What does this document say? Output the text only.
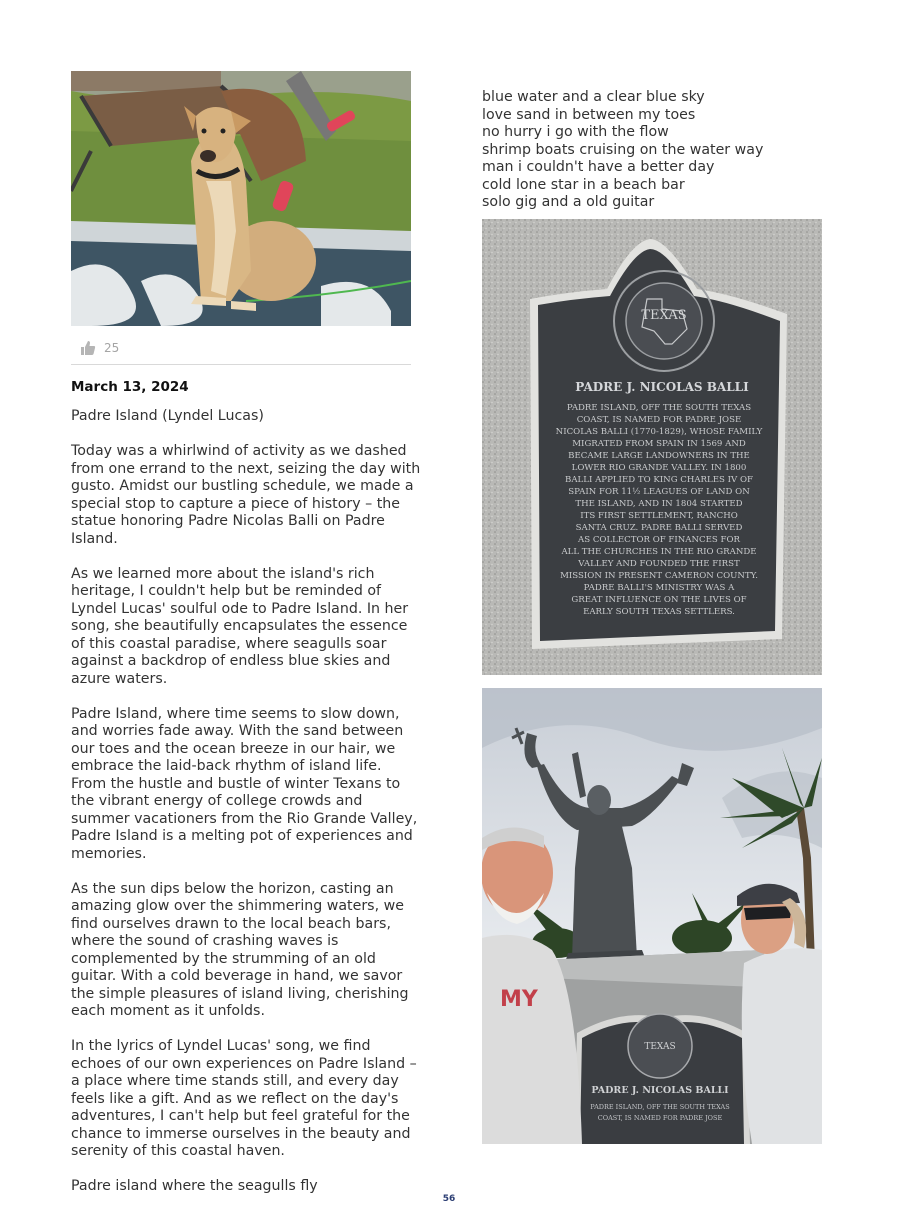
25
March 13, 2024

Padre Island (Lyndel Lucas)

Today was a whirlwind of activity as we dashed from one errand to the next, seizing the day with gusto. Amidst our bustling schedule, we made a special stop to capture a piece of history – the statue honoring Padre Nicolas Balli on Padre Island.

As we learned more about the island's rich heritage, I couldn't help but be reminded of Lyndel Lucas' soulful ode to Padre Island. In her song, she beautifully encapsulates the essence of this coastal paradise, where seagulls soar against a backdrop of endless blue skies and azure waters.

Padre Island, where time seems to slow down, and worries fade away. With the sand between our toes and the ocean breeze in our hair, we embrace the laid-back rhythm of island life. From the hustle and bustle of winter Texans to the vibrant energy of college crowds and summer vacationers from the Rio Grande Valley, Padre Island is a melting pot of experiences and memories.

As the sun dips below the horizon, casting an amazing glow over the shimmering waters, we find ourselves drawn to the local beach bars, where the sound of crashing waves is complemented by the strumming of an old guitar. With a cold beverage in hand, we savor the simple pleasures of island living, cherishing each moment as it unfolds.

In the lyrics of Lyndel Lucas' song, we find echoes of our own experiences on Padre Island – a place where time stands still, and every day feels like a gift. And as we reflect on the day's adventures, I can't help but feel grateful for the chance to immerse ourselves in the beauty and serenity of this coastal haven.

Padre island where the seagulls fly

blue water and a clear blue sky
love sand in between my toes
no hurry i go with the flow
shrimp boats cruising on the water way
man i couldn't have a better day
cold lone star in a beach bar
solo gig and a old guitar
TEXAS
PADRE J. NICOLAS BALLI
PADRE ISLAND, OFF THE SOUTH TEXAS
COAST, IS NAMED FOR PADRE JOSE
NICOLAS BALLI (1770-1829), WHOSE FAMILY
MIGRATED FROM SPAIN IN 1569 AND
BECAME LARGE LANDOWNERS IN THE
LOWER RIO GRANDE VALLEY. IN 1800
BALLI APPLIED TO KING CHARLES IV OF
SPAIN FOR 11½ LEAGUES OF LAND ON
THE ISLAND, AND IN 1804 STARTED
ITS FIRST SETTLEMENT, RANCHO
SANTA CRUZ. PADRE BALLI SERVED
AS COLLECTOR OF FINANCES FOR
ALL THE CHURCHES IN THE RIO GRANDE
VALLEY AND FOUNDED THE FIRST
MISSION IN PRESENT CAMERON COUNTY.
PADRE BALLI'S MINISTRY WAS A
GREAT INFLUENCE ON THE LIVES OF
EARLY SOUTH TEXAS SETTLERS.
TEXAS
PADRE J. NICOLAS BALLI
PADRE ISLAND, OFF THE SOUTH TEXAS
COAST, IS NAMED FOR PADRE JOSE
MY
56
